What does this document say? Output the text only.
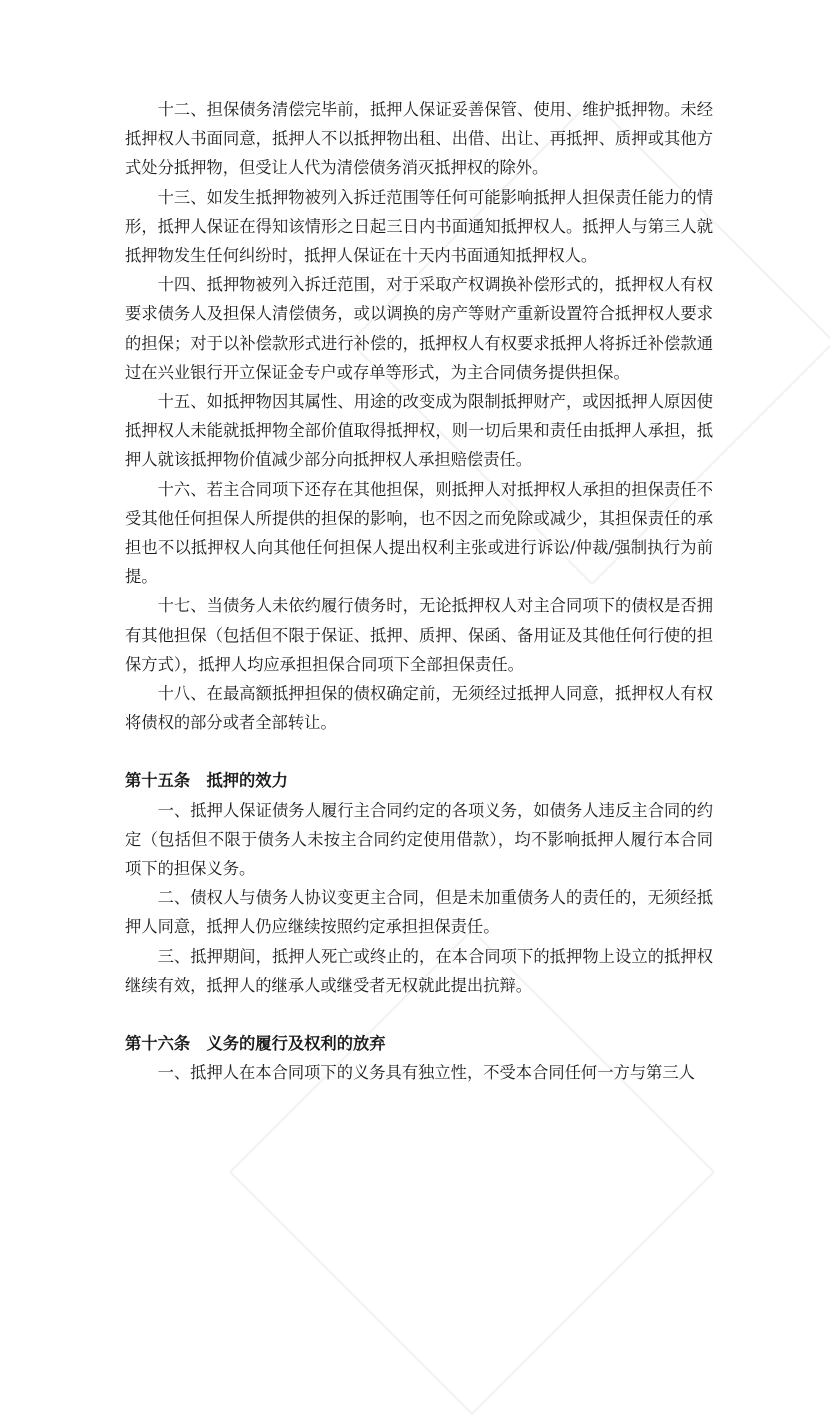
十二、担保债务清偿完毕前，抵押人保证妥善保管、使用、维护抵押物。未经抵押权人书面同意，抵押人不以抵押物出租、出借、出让、再抵押、质押或其他方式处分抵押物，但受让人代为清偿债务消灭抵押权的除外。

十三、如发生抵押物被列入拆迁范围等任何可能影响抵押人担保责任能力的情形，抵押人保证在得知该情形之日起三日内书面通知抵押权人。抵押人与第三人就抵押物发生任何纠纷时，抵押人保证在十天内书面通知抵押权人。

十四、抵押物被列入拆迁范围，对于采取产权调换补偿形式的，抵押权人有权要求债务人及担保人清偿债务，或以调换的房产等财产重新设置符合抵押权人要求的担保；对于以补偿款形式进行补偿的，抵押权人有权要求抵押人将拆迁补偿款通过在兴业银行开立保证金专户或存单等形式，为主合同债务提供担保。

十五、如抵押物因其属性、用途的改变成为限制抵押财产，或因抵押人原因使抵押权人未能就抵押物全部价值取得抵押权，则一切后果和责任由抵押人承担，抵押人就该抵押物价值减少部分向抵押权人承担赔偿责任。

十六、若主合同项下还存在其他担保，则抵押人对抵押权人承担的担保责任不受其他任何担保人所提供的担保的影响，也不因之而免除或减少，其担保责任的承担也不以抵押权人向其他任何担保人提出权利主张或进行诉讼/仲裁/强制执行为前提。

十七、当债务人未依约履行债务时，无论抵押权人对主合同项下的债权是否拥有其他担保（包括但不限于保证、抵押、质押、保函、备用证及其他任何行使的担保方式），抵押人均应承担担保合同项下全部担保责任。

十八、在最高额抵押担保的债权确定前，无须经过抵押人同意，抵押权人有权将债权的部分或者全部转让。

第十五条 抵押的效力

一、抵押人保证债务人履行主合同约定的各项义务，如债务人违反主合同的约定（包括但不限于债务人未按主合同约定使用借款），均不影响抵押人履行本合同项下的担保义务。

二、债权人与债务人协议变更主合同，但是未加重债务人的责任的，无须经抵押人同意，抵押人仍应继续按照约定承担担保责任。

三、抵押期间，抵押人死亡或终止的，在本合同项下的抵押物上设立的抵押权继续有效，抵押人的继承人或继受者无权就此提出抗辩。

第十六条 义务的履行及权利的放弃

一、抵押人在本合同项下的义务具有独立性，不受本合同任何一方与第三人
